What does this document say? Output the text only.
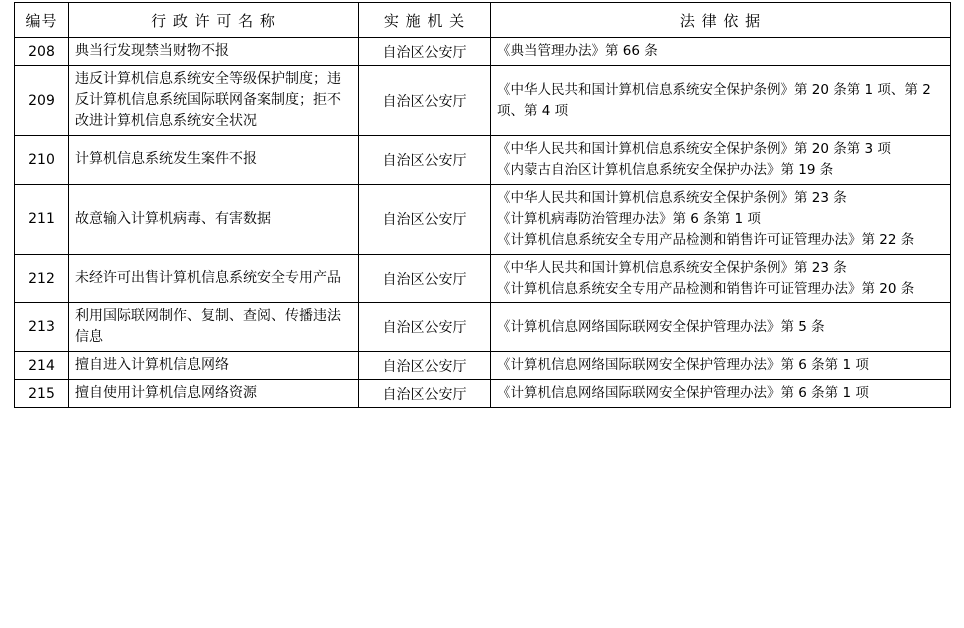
编号	行 政 许 可 名 称	实 施 机 关	法 律 依 据
208	典当行发现禁当财物不报	自治区公安厅	《典当管理办法》第 66 条

209	违反计算机信息系统安全等级保护制度；违反计算机信息系统国际联网备案制度；拒不改进计算机信息系统安全状况	自治区公安厅	《中华人民共和国计算机信息系统安全保护条例》第 20 条第 1 项、第 2 项、第 4 项

210	计算机信息系统发生案件不报	自治区公安厅	《中华人民共和国计算机信息系统安全保护条例》第 20 条第 3 项
《内蒙古自治区计算机信息系统安全保护办法》第 19 条

211	故意输入计算机病毒、有害数据	自治区公安厅	《中华人民共和国计算机信息系统安全保护条例》第 23 条
《计算机病毒防治管理办法》第 6 条第 1 项
《计算机信息系统安全专用产品检测和销售许可证管理办法》第 22 条

212	未经许可出售计算机信息系统安全专用产品	自治区公安厅	《中华人民共和国计算机信息系统安全保护条例》第 23 条
《计算机信息系统安全专用产品检测和销售许可证管理办法》第 20 条

213	利用国际联网制作、复制、查阅、传播违法信息	自治区公安厅	《计算机信息网络国际联网安全保护管理办法》第 5 条

214	擅自进入计算机信息网络	自治区公安厅	《计算机信息网络国际联网安全保护管理办法》第 6 条第 1 项

215	擅自使用计算机信息网络资源	自治区公安厅	《计算机信息网络国际联网安全保护管理办法》第 6 条第 1 项
